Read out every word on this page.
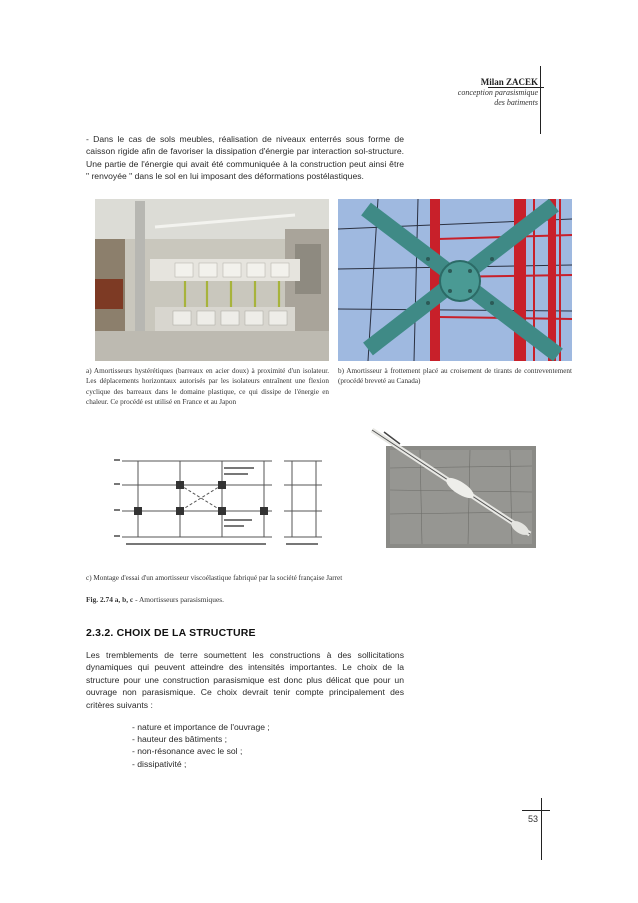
Milan ZACEK
conception parasismique
des batiments
- Dans le cas de sols meubles, réalisation de niveaux enterrés sous forme de caisson rigide afin de favoriser la dissipation d'énergie par interaction sol-structure. Une partie de l'énergie qui avait été communiquée à la construction peut ainsi être " renvoyée " dans le sol en lui imposant des déformations postélastiques.
a) Amortisseurs hystérétiques (barreaux en acier doux) à proximité d'un isolateur. Les déplacements horizontaux autorisés par les isolateurs entraînent une flexion cyclique des barreaux dans le domaine plastique, ce qui dissipe de l'énergie en chaleur. Ce procédé est utilisé en France et au Japon
b) Amortisseur à frottement placé au croisement de tirants de contreventement (procédé breveté au Canada)
c) Montage d'essai d'un amortisseur viscoélastique fabriqué par la société française Jarret
Fig. 2.74 a, b, c - Amortisseurs parasismiques.
2.3.2. CHOIX DE LA STRUCTURE
Les tremblements de terre soumettent les constructions à des sollicitations dynamiques qui peuvent atteindre des intensités importantes. Le choix de la structure pour une construction parasismique est donc plus délicat que pour un ouvrage non parasismique. Ce choix devrait tenir compte principalement des critères suivants :
- nature et importance de l'ouvrage ;
- hauteur des bâtiments ;
- non-résonance avec le sol ;
- dissipativité ;
53
